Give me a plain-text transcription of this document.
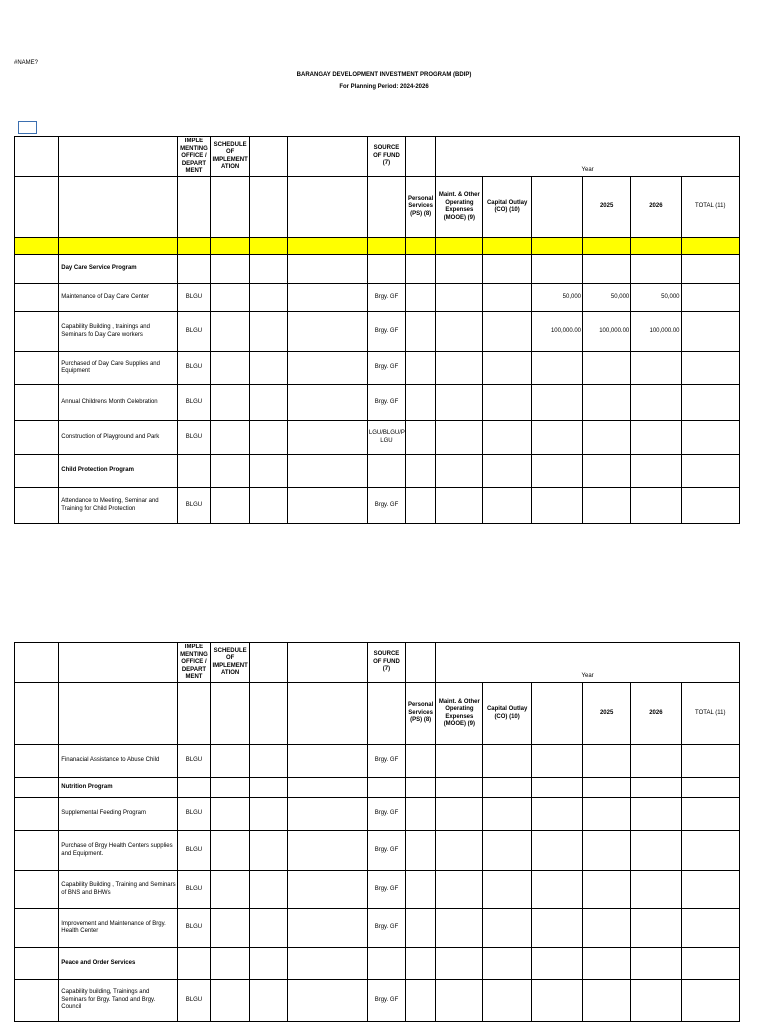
#NAME?
BARANGAY DEVELOPMENT INVESTMENT PROGRAM (BDIP)
For Planning Period: 2024-2026

		IMPLE MENTING OFFICE / DEPART MENT	SCHEDULE OF IMPLEMENT ATION			SOURCE OF FUND (7)		Year					
							Personal Services (PS) (8)	Maint. & Other Operating Expenses (MOOE) (9)	Capital Outlay (CO) (10)		2025	2026	TOTAL (11)

	Day Care Service Program												
	Maintenance of Day Care Center	BLGU				Brgy. GF				50,000	50,000	50,000	
	Capability Building , trainings and Seminars fo Day Care workers	BLGU				Brgy. GF				100,000.00	100,000.00	100,000.00	
	Purchased of Day Care Supplies and Equipment	BLGU				Brgy. GF							
	Annual Childrens Month Celebration	BLGU				Brgy. GF							
	Construction of Playground and Park	BLGU				LGU/BLGU/P LGU							
	Child Protection Program												
	Attendance to Meeting, Seminar and Training for Child Protection	BLGU				Brgy. GF							

		IMPLE MENTING OFFICE / DEPART MENT	SCHEDULE OF IMPLEMENT ATION			SOURCE OF FUND (7)		Year					
							Personal Services (PS) (8)	Maint. & Other Operating Expenses (MOOE) (9)	Capital Outlay (CO) (10)		2025	2026	TOTAL (11)
	Finanacial Assistance to Abuse Child	BLGU				Brgy. GF							
	Nutrition Program												
	Supplemental Feeding Program	BLGU				Brgy. GF							
	Purchase of Brgy Health Centers supplies and Equipment.	BLGU				Brgy. GF							
	Capability Building , Training and Seminars of BNS and BHWs	BLGU				Brgy. GF							
	Improvement and Maintenance of Brgy. Health Center	BLGU				Brgy. GF							
	Peace and Order Services												
	Capability building, Trainings and Seminars for Brgy. Tanod and Brgy. Council	BLGU				Brgy. GF							
